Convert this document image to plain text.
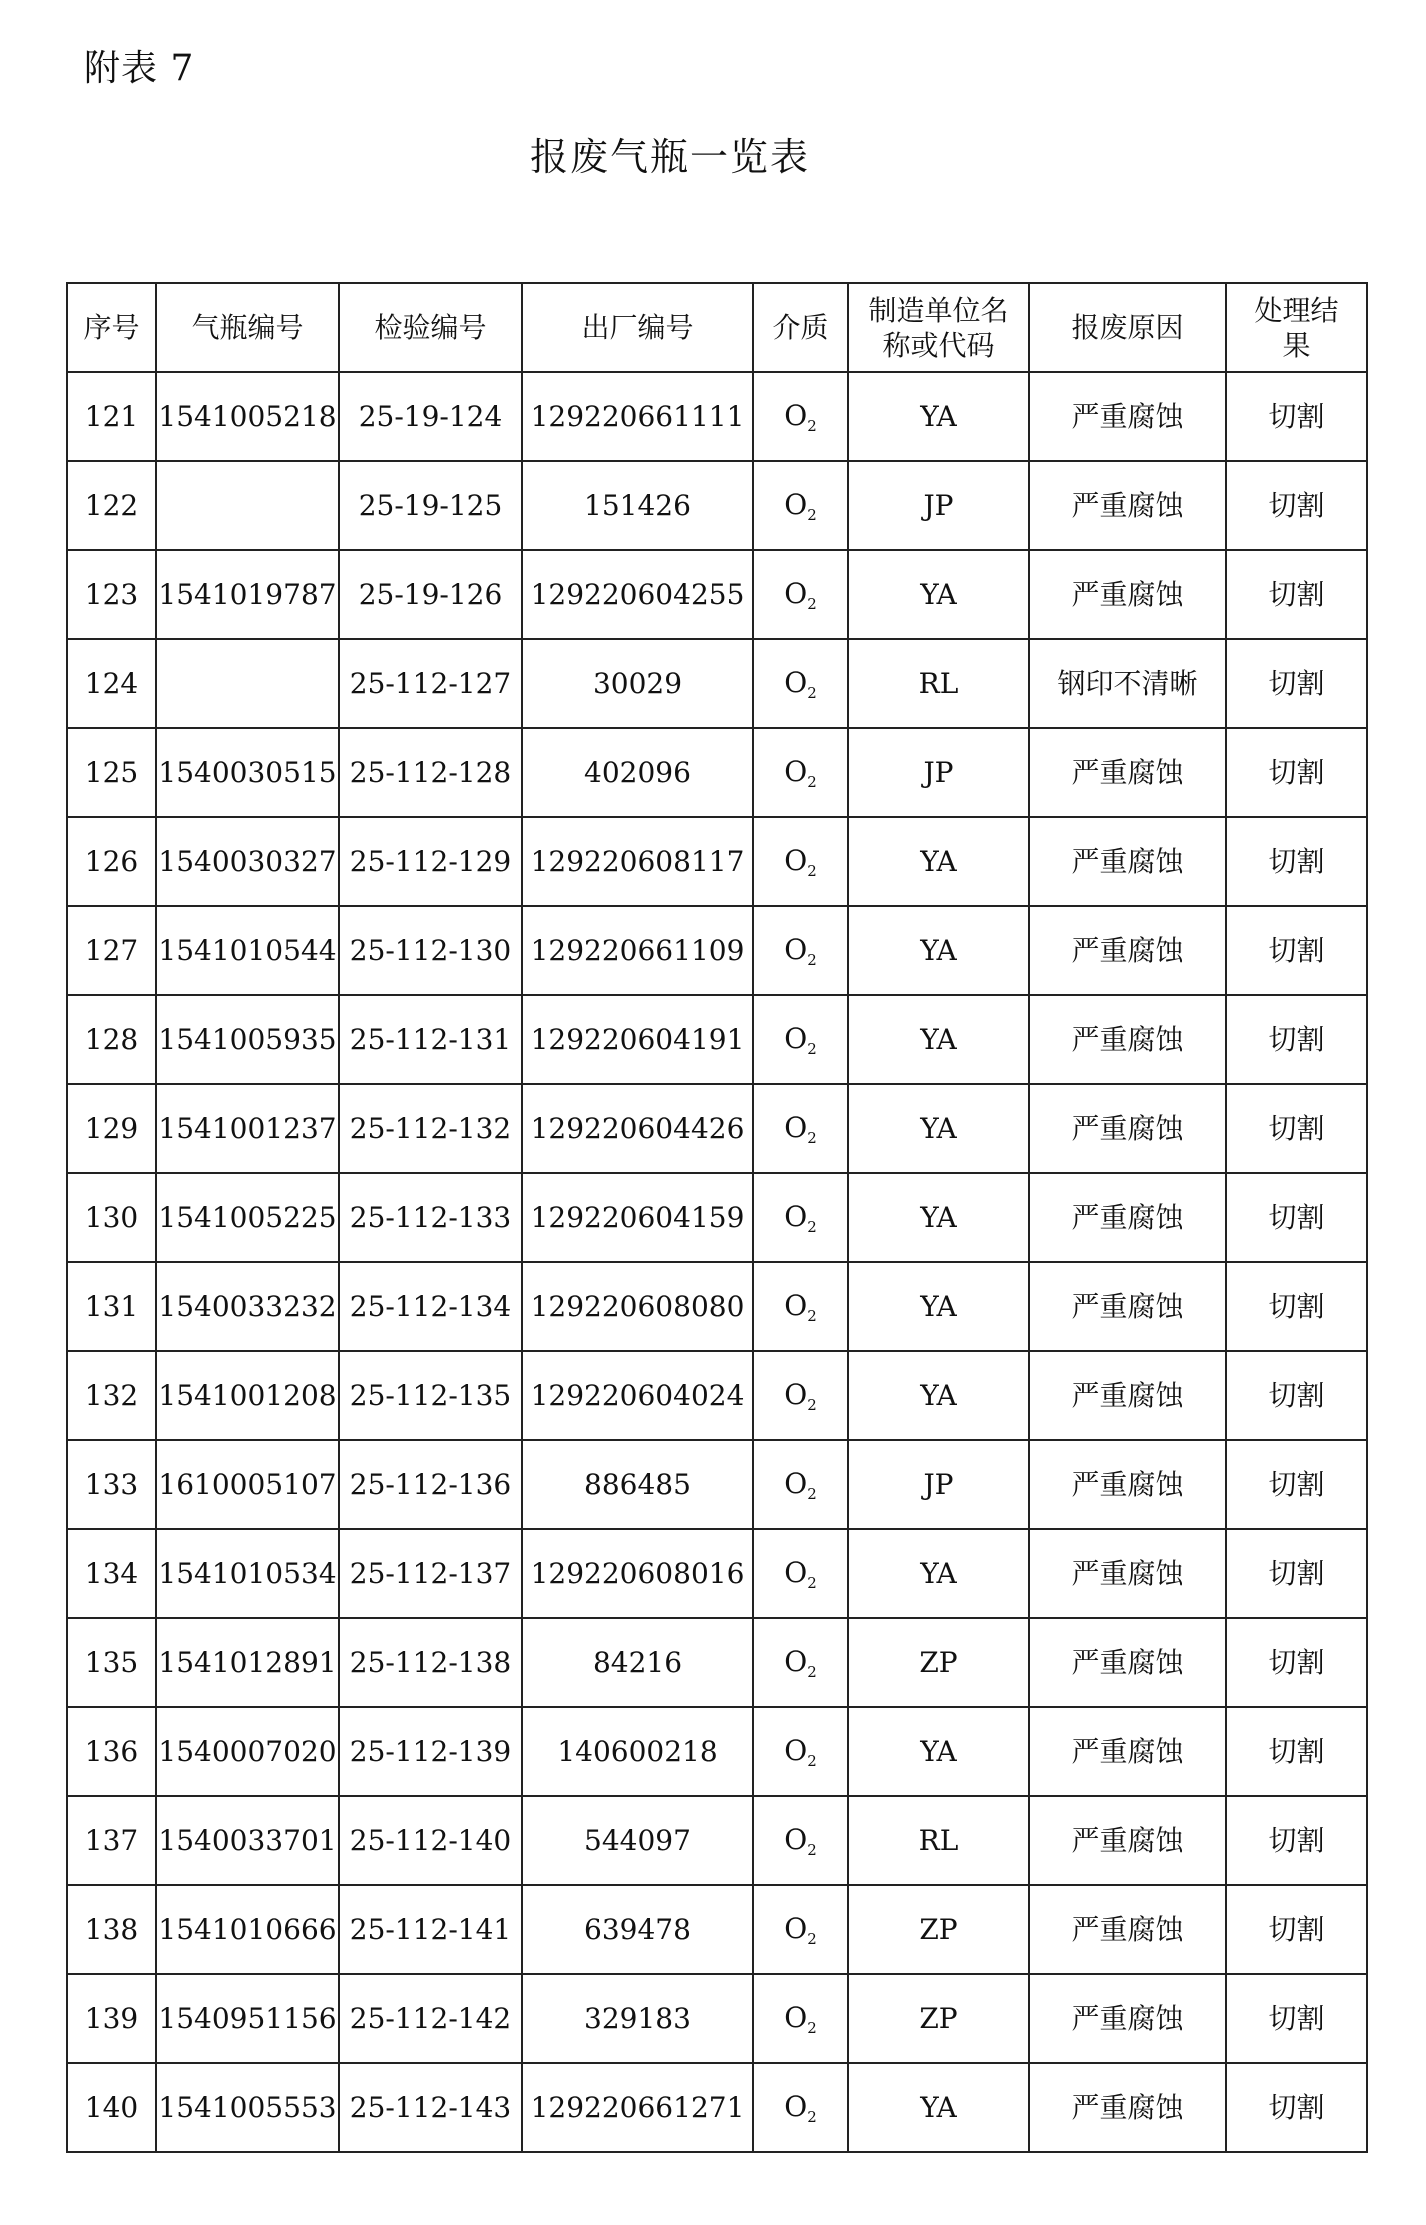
附表 7
报废气瓶一览表
序号	气瓶编号	检验编号	出厂编号	介质	制造单位名称或代码	报废原因	处理结果
121	1541005218	25-19-124	129220661111	$O_2$	YA	严重腐蚀	切割
122		25-19-125	151426	$O_2$	JP	严重腐蚀	切割
123	1541019787	25-19-126	129220604255	$O_2$	YA	严重腐蚀	切割
124		25-112-127	30029	$O_2$	RL	钢印不清晰	切割
125	1540030515	25-112-128	402096	$O_2$	JP	严重腐蚀	切割
126	1540030327	25-112-129	129220608117	$O_2$	YA	严重腐蚀	切割
127	1541010544	25-112-130	129220661109	$O_2$	YA	严重腐蚀	切割
128	1541005935	25-112-131	129220604191	$O_2$	YA	严重腐蚀	切割
129	1541001237	25-112-132	129220604426	$O_2$	YA	严重腐蚀	切割
130	1541005225	25-112-133	129220604159	$O_2$	YA	严重腐蚀	切割
131	1540033232	25-112-134	129220608080	$O_2$	YA	严重腐蚀	切割
132	1541001208	25-112-135	129220604024	$O_2$	YA	严重腐蚀	切割
133	1610005107	25-112-136	886485	$O_2$	JP	严重腐蚀	切割
134	1541010534	25-112-137	129220608016	$O_2$	YA	严重腐蚀	切割
135	1541012891	25-112-138	84216	$O_2$	ZP	严重腐蚀	切割
136	1540007020	25-112-139	140600218	$O_2$	YA	严重腐蚀	切割
137	1540033701	25-112-140	544097	$O_2$	RL	严重腐蚀	切割
138	1541010666	25-112-141	639478	$O_2$	ZP	严重腐蚀	切割
139	1540951156	25-112-142	329183	$O_2$	ZP	严重腐蚀	切割
140	1541005553	25-112-143	129220661271	$O_2$	YA	严重腐蚀	切割
